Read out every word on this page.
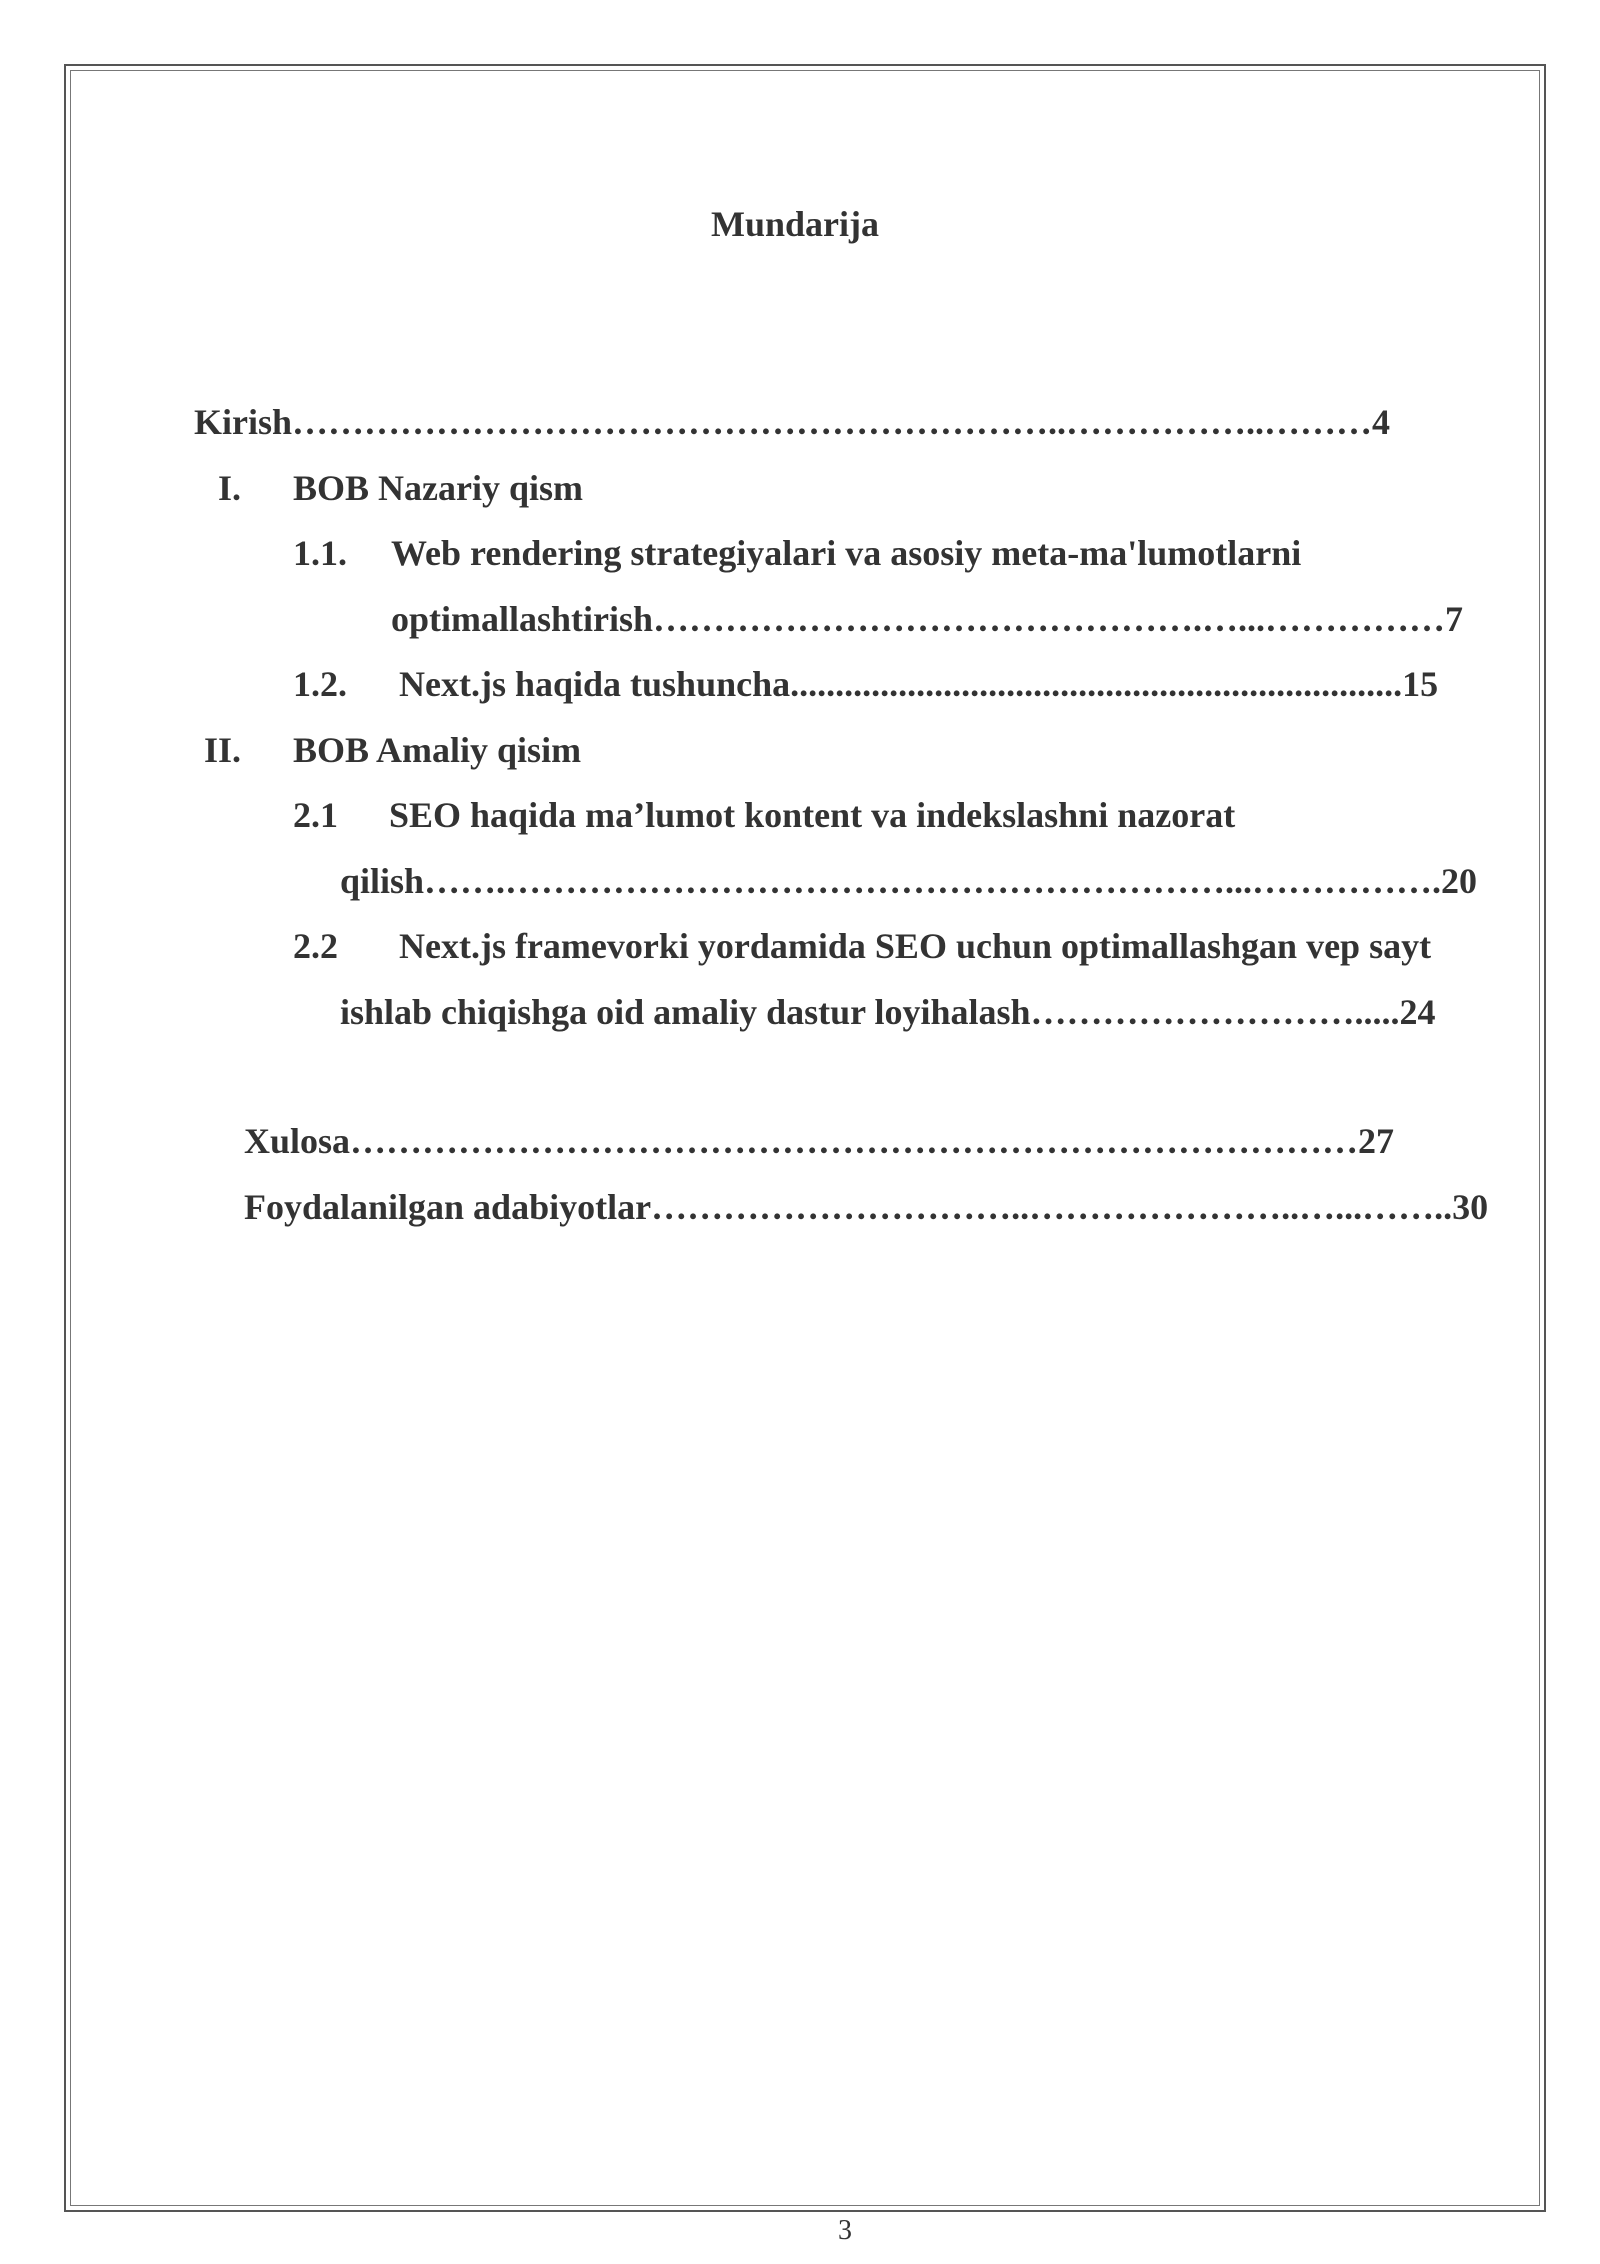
Mundarija
Kirish………………………………………………………..……………..………4
I. BOB Nazariy qism
1.1. Web rendering strategiyalari va asosiy meta-ma'lumotlarni
optimallashtirish……………………………………….…...……………7
1.2. Next.js haqida tushuncha....................................................................15
II. BOB Amaliy qisim
2.1 SEO haqida ma’lumot kontent va indekslashni nazorat
qilish…….……………………………………………………...…………….20
2.2 Next.js framevorki yordamida SEO uchun optimallashgan vep sayt
ishlab chiqishga oid amaliy dastur loyihalash……………………….....24
Xulosa…………………………………………………………………………27
Foydalanilgan adabiyotlar…………………………..…………………..…...……..30
3
